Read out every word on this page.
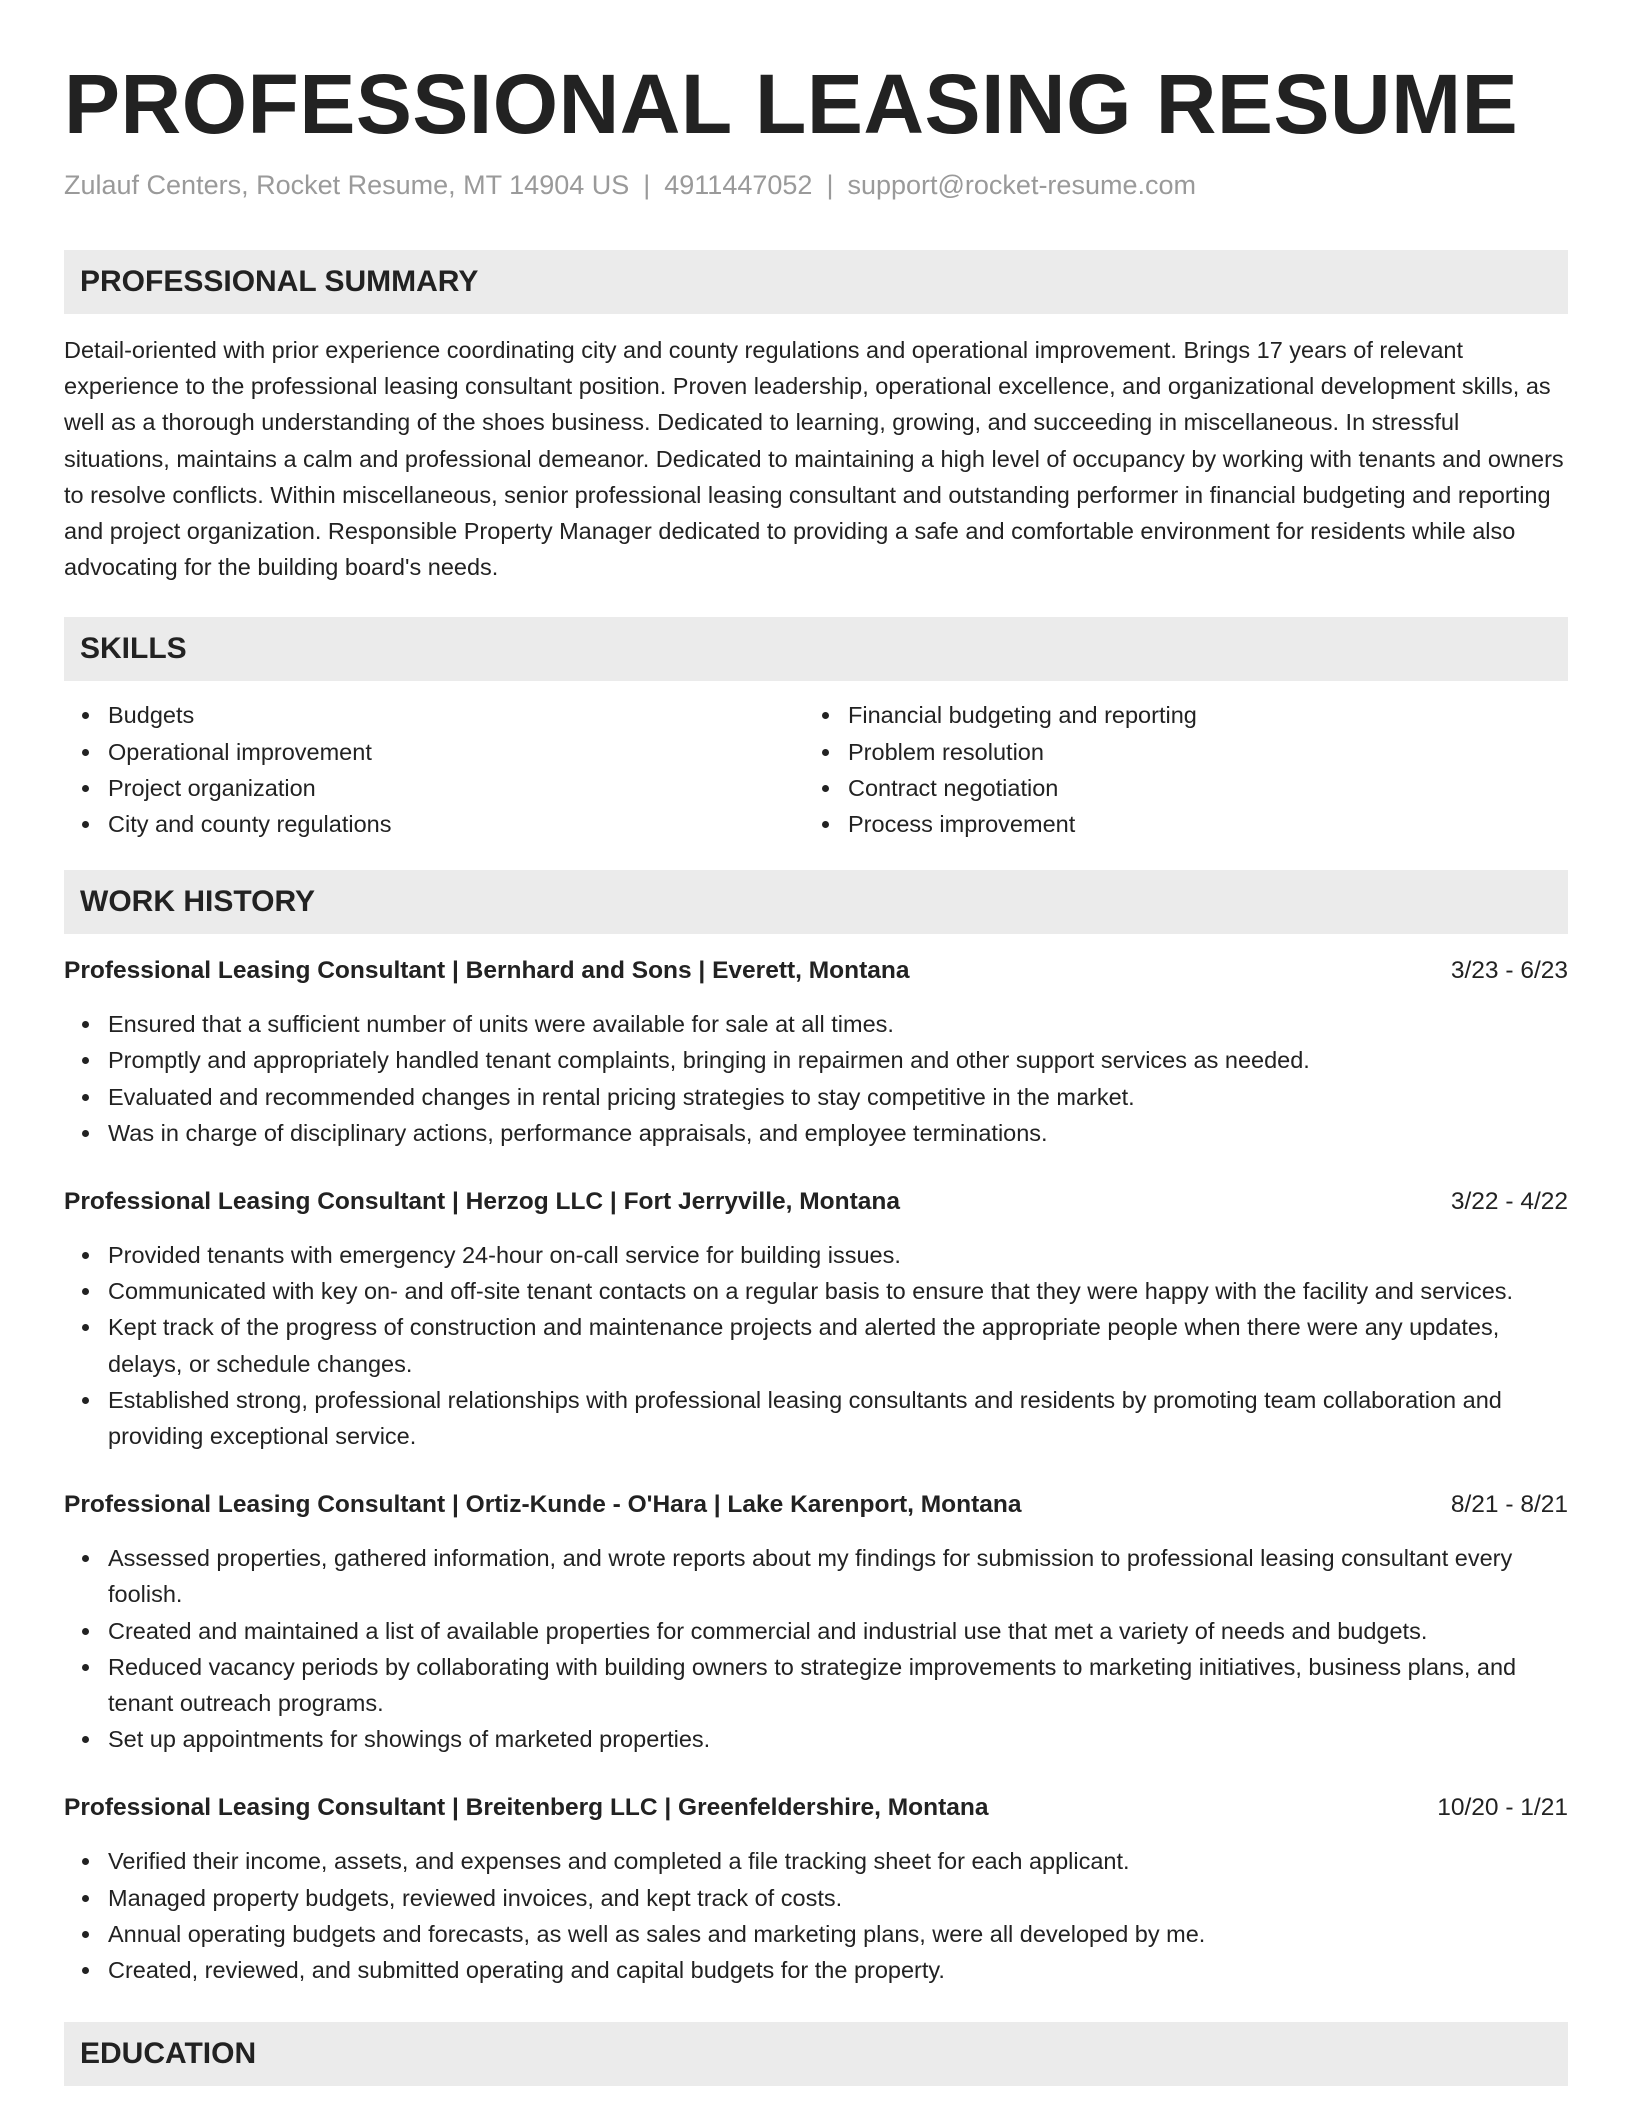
PROFESSIONAL LEASING RESUME
Zulauf Centers, Rocket Resume, MT 14904 US | 4911447052 | support@rocket-resume.com
PROFESSIONAL SUMMARY

Detail-oriented with prior experience coordinating city and county regulations and operational improvement. Brings 17 years of relevant experience to the professional leasing consultant position. Proven leadership, operational excellence, and organizational development skills, as well as a thorough understanding of the shoes business. Dedicated to learning, growing, and succeeding in miscellaneous. In stressful situations, maintains a calm and professional demeanor. Dedicated to maintaining a high level of occupancy by working with tenants and owners to resolve conflicts. Within miscellaneous, senior professional leasing consultant and outstanding performer in financial budgeting and reporting and project organization. Responsible Property Manager dedicated to providing a safe and comfortable environment for residents while also advocating for the building board's needs.

SKILLS
Budgets
Operational improvement
Project organization
City and county regulations
Financial budgeting and reporting
Problem resolution
Contract negotiation
Process improvement
WORK HISTORY
Professional Leasing Consultant | Bernhard and Sons | Everett, Montana	3/23 - 6/23
Ensured that a sufficient number of units were available for sale at all times.
Promptly and appropriately handled tenant complaints, bringing in repairmen and other support services as needed.
Evaluated and recommended changes in rental pricing strategies to stay competitive in the market.
Was in charge of disciplinary actions, performance appraisals, and employee terminations.
Professional Leasing Consultant | Herzog LLC | Fort Jerryville, Montana	3/22 - 4/22
Provided tenants with emergency 24-hour on-call service for building issues.
Communicated with key on- and off-site tenant contacts on a regular basis to ensure that they were happy with the facility and services.
Kept track of the progress of construction and maintenance projects and alerted the appropriate people when there were any updates, delays, or schedule changes.
Established strong, professional relationships with professional leasing consultants and residents by promoting team collaboration and providing exceptional service.
Professional Leasing Consultant | Ortiz-Kunde - O'Hara | Lake Karenport, Montana	8/21 - 8/21
Assessed properties, gathered information, and wrote reports about my findings for submission to professional leasing consultant every foolish.
Created and maintained a list of available properties for commercial and industrial use that met a variety of needs and budgets.
Reduced vacancy periods by collaborating with building owners to strategize improvements to marketing initiatives, business plans, and tenant outreach programs.
Set up appointments for showings of marketed properties.
Professional Leasing Consultant | Breitenberg LLC | Greenfeldershire, Montana	10/20 - 1/21
Verified their income, assets, and expenses and completed a file tracking sheet for each applicant.
Managed property budgets, reviewed invoices, and kept track of costs.
Annual operating budgets and forecasts, as well as sales and marketing plans, were all developed by me.
Created, reviewed, and submitted operating and capital budgets for the property.
EDUCATION
